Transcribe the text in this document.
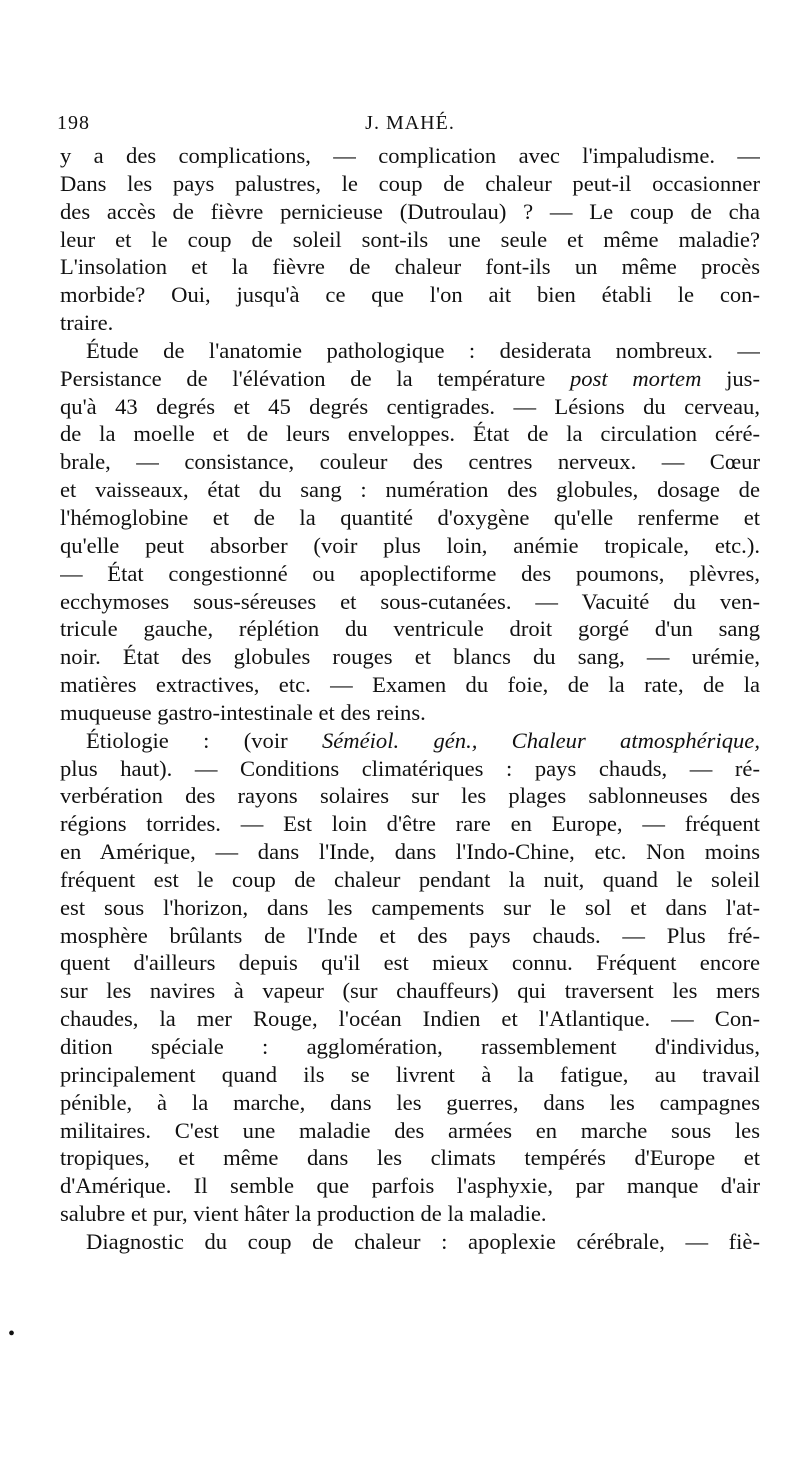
198	J. MAHÉ.
y a des complications, — complication avec l'impaludisme. —
Dans les pays palustres, le coup de chaleur peut-il occasionner
des accès de fièvre pernicieuse (Dutroulau) ? — Le coup de cha
leur et le coup de soleil sont-ils une seule et même maladie?
L'insolation et la fièvre de chaleur font-ils un même procès
morbide? Oui, jusqu'à ce que l'on ait bien établi le con-
traire.
Étude de l'anatomie pathologique : desiderata nombreux. —
Persistance de l'élévation de la température post mortem jus-
qu'à 43 degrés et 45 degrés centigrades. — Lésions du cerveau,
de la moelle et de leurs enveloppes. État de la circulation céré-
brale, — consistance, couleur des centres nerveux. — Cœur
et vaisseaux, état du sang : numération des globules, dosage de
l'hémoglobine et de la quantité d'oxygène qu'elle renferme et
qu'elle peut absorber (voir plus loin, anémie tropicale, etc.).
— État congestionné ou apoplectiforme des poumons, plèvres,
ecchymoses sous-séreuses et sous-cutanées. — Vacuité du ven-
tricule gauche, réplétion du ventricule droit gorgé d'un sang
noir. État des globules rouges et blancs du sang, — urémie,
matières extractives, etc. — Examen du foie, de la rate, de la
muqueuse gastro-intestinale et des reins.
Étiologie : (voir Séméiol. gén., Chaleur atmosphérique,
plus haut). — Conditions climatériques : pays chauds, — ré-
verbération des rayons solaires sur les plages sablonneuses des
régions torrides. — Est loin d'être rare en Europe, — fréquent
en Amérique, — dans l'Inde, dans l'Indo-Chine, etc. Non moins
fréquent est le coup de chaleur pendant la nuit, quand le soleil
est sous l'horizon, dans les campements sur le sol et dans l'at-
mosphère brûlants de l'Inde et des pays chauds. — Plus fré-
quent d'ailleurs depuis qu'il est mieux connu. Fréquent encore
sur les navires à vapeur (sur chauffeurs) qui traversent les mers
chaudes, la mer Rouge, l'océan Indien et l'Atlantique. — Con-
dition spéciale : agglomération, rassemblement d'individus,
principalement quand ils se livrent à la fatigue, au travail
pénible, à la marche, dans les guerres, dans les campagnes
militaires. C'est une maladie des armées en marche sous les
tropiques, et même dans les climats tempérés d'Europe et
d'Amérique. Il semble que parfois l'asphyxie, par manque d'air
salubre et pur, vient hâter la production de la maladie.
Diagnostic du coup de chaleur : apoplexie cérébrale, — fiè-
•
